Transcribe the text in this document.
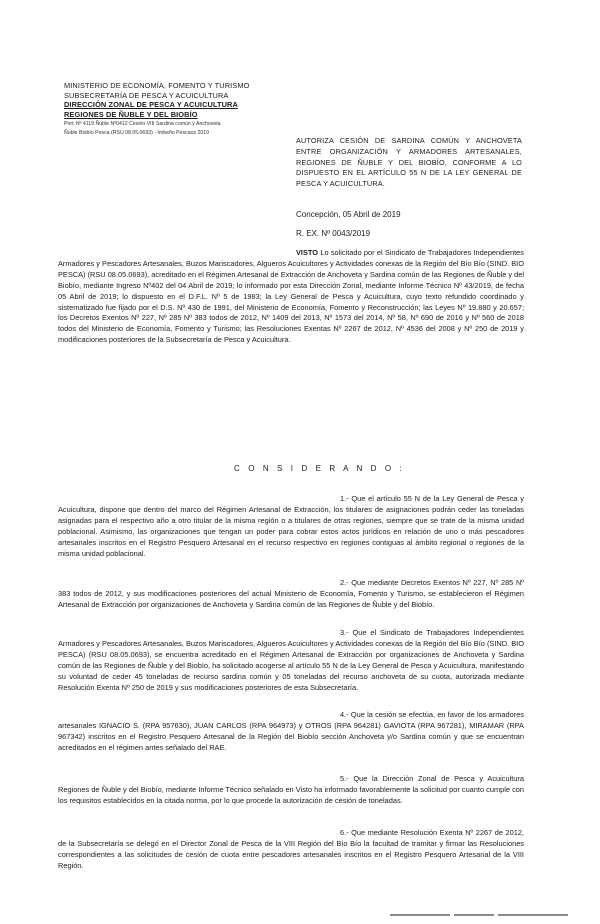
MINISTERIO DE ECONOMÍA, FOMENTO Y TURISMO
SUBSECRETARÍA DE PESCA Y ACUICULTURA
DIRECCIÓN ZONAL DE PESCA Y ACUICULTURA
REGIONES DE ÑUBLE Y DEL BIOBÍO
Pint: Nº 4119 Ñuble Nº0412 Cesión VIII Sardina común y Anchoveta
Ñuble Biobío Pesca (RSU 08.05.0693) - Imbeño Pescaos 2019
AUTORIZA CESIÓN DE SARDINA COMÚN Y ANCHOVETA ENTRE ORGANIZACIÓN Y ARMADORES ARTESANALES, REGIONES DE ÑUBLE Y DEL BIOBÍO, CONFORME A LO DISPUESTO EN EL ARTÍCULO 55 N DE LA LEY GENERAL DE PESCA Y ACUICULTURA.
Concepción, 05 Abril de 2019
R. EX. Nº 0043/2019
VISTO Lo solicitado por el Sindicato de Trabajadores Independientes Armadores y Pescadores Artesanales, Buzos Mariscadores, Algueros Acuicultores y Actividades conexas de la Región del Bío Bío (SIND. BIO PESCA) (RSU 08.05.0693), acreditado en el Régimen Artesanal de Extracción de Anchoveta y Sardina común de las Regiones de Ñuble y del Biobío, mediante Ingreso Nº402 del 04 Abril de 2019; lo informado por esta Dirección Zonal, mediante Informe Técnico Nº 43/2019, de fecha 05 Abril de 2019; lo dispuesto en el D.F.L. Nº 5 de 1983; la Ley General de Pesca y Acuicultura, cuyo texto refundido coordinado y sistematizado fue fijado por el D.S. Nº 430 de 1991, del Ministerio de Economía, Fomento y Reconstrucción; las Leyes Nº 19.880 y 20.657; los Decretos Exentos Nº 227, Nº 285 Nº 383 todos de 2012, Nº 1409 del 2013, Nº 1573 del 2014, Nº 58, Nº 690 de 2016 y Nº 560 de 2018 todos del Ministerio de Economía, Fomento y Turismo; las Resoluciones Exentas Nº 2267 de 2012, Nº 4536 del 2008 y Nº 250 de 2019 y modificaciones posteriores de la Subsecretaría de Pesca y Acuicultura.
C O N S I D E R A N D O :
1.- Que el artículo 55 N de la Ley General de Pesca y Acuicultura, dispone que dentro del marco del Régimen Artesanal de Extracción, los titulares de asignaciones podrán ceder las toneladas asignadas para el respectivo año a otro titular de la misma región o a titulares de otras regiones, siempre que se trate de la misma unidad poblacional. Asimismo, las organizaciones que tengan un poder para cobrar estos actos jurídicos en relación de uno o más pescadores artesanales inscritos en el Registro Pesquero Artesanal en el recurso respectivo en regiones contiguas al ámbito regional o regiones de la misma unidad poblacional.
2.- Que mediante Decretos Exentos Nº 227, Nº 285 Nº 383 todos de 2012, y sus modificaciones posteriores del actual Ministerio de Economía, Fomento y Turismo, se establecieron el Régimen Artesanal de Extracción por organizaciones de Anchoveta y Sardina común de las Regiones de Ñuble y del Biobío.
3.- Que el Sindicato de Trabajadores Independientes Armadores y Pescadores Artesanales, Buzos Mariscadores, Algueros Acuicultores y Actividades conexas de la Región del Bío Bío (SIND. BIO PESCA) (RSU 08.05.0693), se encuentra acreditado en el Régimen Artesanal de Extracción por organizaciones de Anchoveta y Sardina común de las Regiones de Ñuble y del Biobío, ha solicitado acogerse al artículo 55 N de la Ley General de Pesca y Acuicultura, manifestando su voluntad de ceder 45 toneladas de recurso sardina común y 05 toneladas del recurso anchoveta de su cuota, autorizada mediante Resolución Exenta Nº 250 de 2019 y sus modificaciones posteriores de esta Subsecretaría.
4.- Que la cesión se efectúa, en favor de los armadores artesanales IGNACIO S. (RPA 957630), JUAN CARLOS (RPA 964973) y OTROS (RPA 964281) GAVIOTA (RPA 967281), MIRAMAR (RPA 967342) inscritos en el Registro Pesquero Artesanal de la Región del Biobío sección Anchoveta y/o Sardina común y que se encuentran acreditados en el régimen antes señalado del RAE.
5.- Que la Dirección Zonal de Pesca y Acuicultura Regiones de Ñuble y del Biobío, mediante Informe Técnico señalado en Visto ha informado favorablemente la solicitud por cuanto cumple con los requisitos establecidos en la citada norma, por lo que procede la autorización de cesión de toneladas.
6.- Que mediante Resolución Exenta Nº 2267 de 2012, de la Subsecretaría se delegó en el Director Zonal de Pesca de la VIII Región del Bío Bío la facultad de tramitar y firmar las Resoluciones correspondientes a las solicitudes de cesión de cuota entre pescadores artesanales inscritos en el Registro Pesquero Artesanal de la VIII Región.
